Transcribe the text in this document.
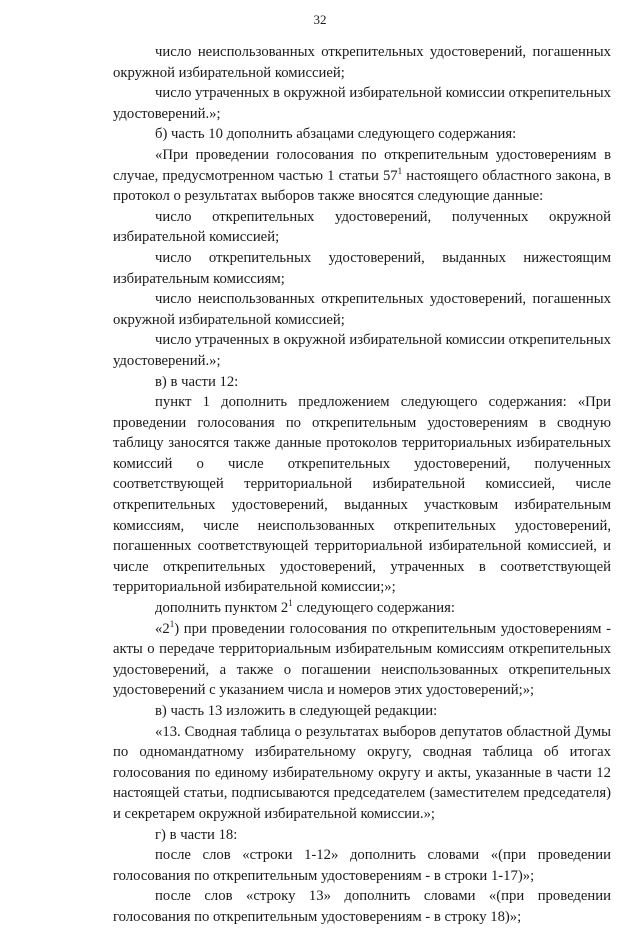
32

число неиспользованных открепительных удостоверений, погашенных окружной избирательной комиссией;

число утраченных в окружной избирательной комиссии открепительных удостоверений.»;

б) часть 10 дополнить абзацами следующего содержания:

«При проведении голосования по открепительным удостоверениям в случае, предусмотренном частью 1 статьи $57^1$ настоящего областного закона, в протокол о результатах выборов также вносятся следующие данные:

число открепительных удостоверений, полученных окружной избирательной комиссией;

число открепительных удостоверений, выданных нижестоящим избирательным комиссиям;

число неиспользованных открепительных удостоверений, погашенных окружной избирательной комиссией;

число утраченных в окружной избирательной комиссии открепительных удостоверений.»;

в) в части 12:

пункт 1 дополнить предложением следующего содержания: «При проведении голосования по открепительным удостоверениям в сводную таблицу заносятся также данные протоколов территориальных избирательных комиссий о числе открепительных удостоверений, полученных соответствующей территориальной избирательной комиссией, числе открепительных удостоверений, выданных участковым избирательным комиссиям, числе неиспользованных открепительных удостоверений, погашенных соответствующей территориальной избирательной комиссией, и числе открепительных удостоверений, утраченных в соответствующей территориальной избирательной комиссии;»;

дополнить пунктом $2^1$ следующего содержания:

«$2^1$) при проведении голосования по открепительным удостоверениям - акты о передаче территориальным избирательным комиссиям открепительных удостоверений, а также о погашении неиспользованных открепительных удостоверений с указанием числа и номеров этих удостоверений;»;

в) часть 13 изложить в следующей редакции:

«13. Сводная таблица о результатах выборов депутатов областной Думы по одномандатному избирательному округу, сводная таблица об итогах голосования по единому избирательному округу и акты, указанные в части 12 настоящей статьи, подписываются председателем (заместителем председателя) и секретарем окружной избирательной комиссии.»;

г) в части 18:

после слов «строки 1-12» дополнить словами «(при проведении голосования по открепительным удостоверениям - в строки 1-17)»;

после слов «строку 13» дополнить словами «(при проведении голосования по открепительным удостоверениям - в строку 18)»;
